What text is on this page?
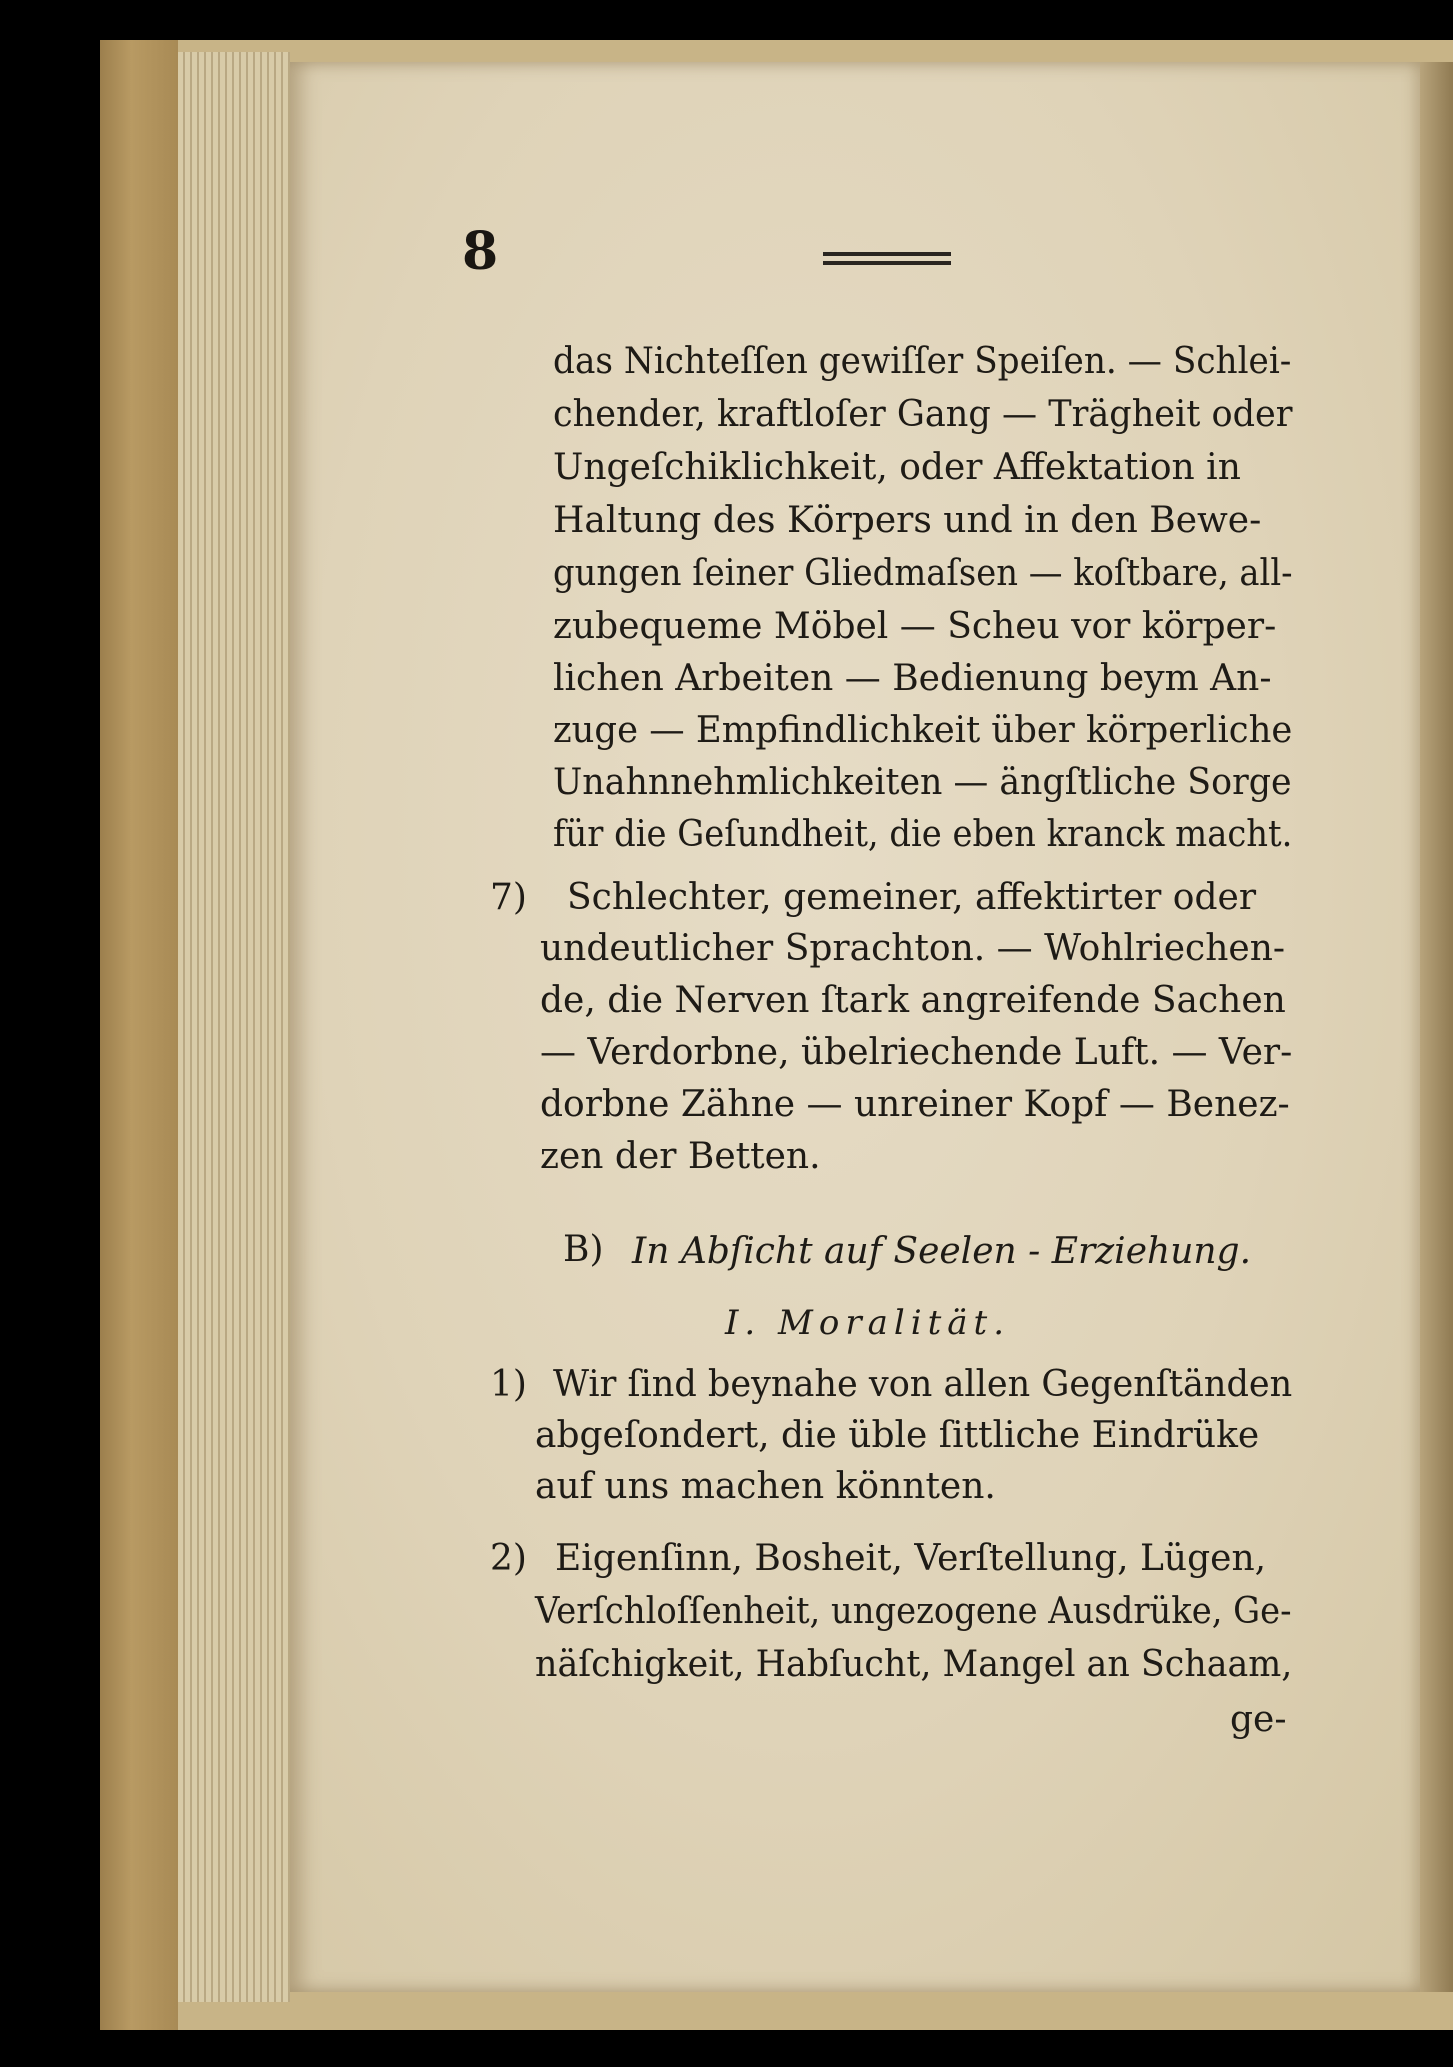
8
das Nichteſſen gewiſſer Speiſen. — Schlei-
chender, kraftloſer Gang — Trägheit oder
Ungeſchiklichkeit, oder Affektation in
Haltung des Körpers und in den Bewe-
gungen ſeiner Gliedmaſsen — koſtbare, all-
zubequeme Möbel — Scheu vor körper-
lichen Arbeiten — Bedienung beym An-
zuge — Empfindlichkeit über körperliche
Unahnnehmlichkeiten — ängſtliche Sorge
für die Geſundheit, die eben kranck macht.
7) Schlechter, gemeiner, affektirter oder
undeutlicher Sprachton. — Wohlriechen-
de, die Nerven ſtark angreifende Sachen
— Verdorbne, übelriechende Luft. — Ver-
dorbne Zähne — unreiner Kopf — Benez-
zen der Betten.
B) In Abſicht auf Seelen - Erziehung.
I. Moralität.
1) Wir ſind beynahe von allen Gegenſtänden
abgeſondert, die üble ſittliche Eindrüke
auf uns machen könnten.
2) Eigenſinn, Bosheit, Verſtellung, Lügen,
Verſchloſſenheit, ungezogene Ausdrüke, Ge-
näſchigkeit, Habſucht, Mangel an Schaam,
ge-
